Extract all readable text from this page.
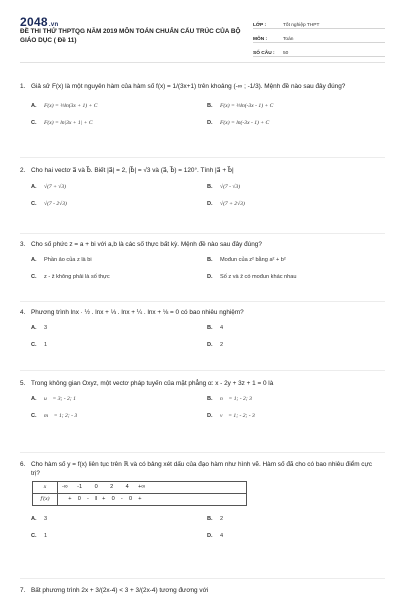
2048.vn
ĐỀ THI THỬ THPTQG NĂM 2019 MÔN TOÁN CHUẨN CẤU TRÚC CỦA BỘ GIÁO DỤC ( Đề 11)
LỚP :	Tốt nghiệp THPT
MÔN :	Toán
SỐ CÂU :	50
1. Giả sử F(x) là một nguyên hàm của hàm số f(x) = 1/(3x+1) trên khoảng (-∞ ; -1/3). Mệnh đề nào sau đây đúng?
A.	F(x) = ⅓ln(3x + 1) + C	B.	F(x) = ⅓ln(-3x - 1) + C
C.	F(x) = ln|3x + 1| + C	D.	F(x) = ln(-3x - 1) + C
2. Cho hai vectơ a⃗ và b⃗. Biết |a⃗| = 2, |b⃗| = √3 và (a⃗, b⃗) = 120°. Tính |a⃗ + b⃗|
A.	√(7 + √3)	B.	√(7 - √3)
C.	√(7 - 2√3)	D.	√(7 + 2√3)
3. Cho số phức z = a + bi với a,b là các số thực bất kỳ. Mệnh đề nào sau đây đúng?
A.	Phần ảo của z là bi	B.	Mođun của z² bằng a² + b²
C.	z - z̄ không phải là số thực	D.	Số z và z̄ có mođun khác nhau
4. Phương trình lnx · ½ . lnx + ⅓ . lnx + ¼ . lnx + ⅛ = 0 có bao nhiêu nghiệm?
A.	3	B.	4
C.	1	D.	2
5. Trong không gian Oxyz, một vectơ pháp tuyến của mặt phẳng α: x - 2y + 3z + 1 = 0 là
A.	u⃗ = 3; - 2; 1	B.	n⃗ = 1; - 2; 3
C.	m⃗ = 1; 2; - 3	D.	v⃗ = 1; - 2; - 3
6. Cho hàm số y = f(x) liên tục trên ℝ và có bảng xét dấu của đạo hàm như hình vẽ. Hàm số đã cho có bao nhiêu điểm cực trị?
x	-∞      -1        0        2        4      +∞
f'(x)	+    0    -    ‖   +    0    -    0    +
A.	3	B.	2
C.	1	D.	4
7. Bất phương trình 2x + 3/(2x-4) < 3 + 3/(2x-4) tương đương với
